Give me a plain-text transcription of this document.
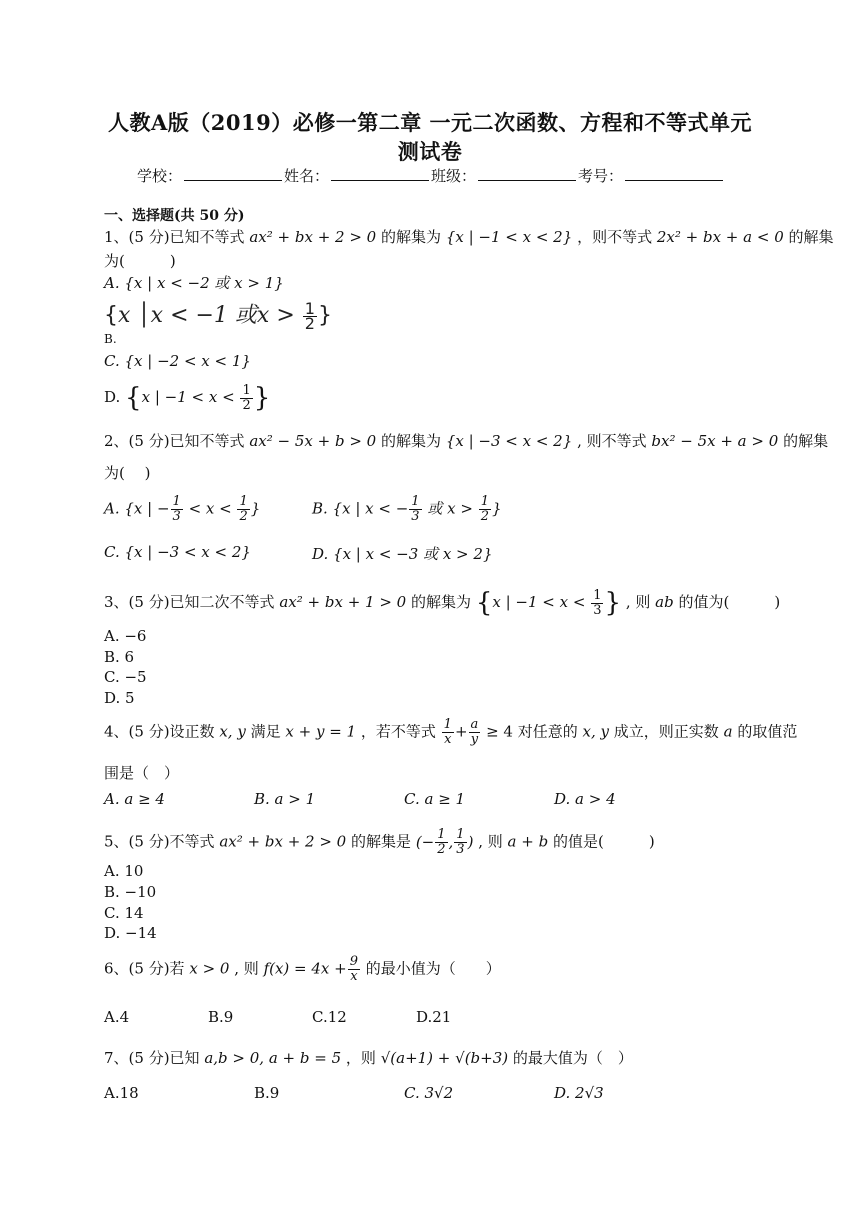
人教A版（2019）必修一第二章 一元二次函数、方程和不等式单元
测试卷
学校：	姓名：	班级：	考号：
一、选择题(共 50 分)
1、(5 分)已知不等式 ax² + bx + 2 > 0 的解集为 {x | −1 < x < 2} ，则不等式 2x² + bx + a < 0 的解集
为(　　　)
A. {x | x < −2 或 x > 1}
{x │x < −1 或$x > \frac{1}{2}$ }
B.
C. {x | −2 < x < 1}
D. {x | $-1 < x < \frac{1}{2}$ }
2、(5 分)已知不等式 ax² − 5x + b > 0 的解集为 {x | −3 < x < 2} , 则不等式 bx² − 5x + a > 0 的解集
为(　 )
A. {x | − $\frac{1}{3} < x < \frac{1}{2}$ }	B. {x | x < − $\frac{1}{3}$ 或 $x > \frac{1}{2}$ }
C. {x | −3 < x < 2}	D. {x | x < −3 或 x > 2}
3、(5 分)已知二次不等式 ax² + bx + 1 > 0 的解集为 {x | $-1 < x < \frac{1}{3}$ } , 则 ab 的值为(　　　)
A. −6
B. 6
C. −5
D. 5
4、(5 分)设正数 x, y 满足 x + y = 1 ，若不等式 $\frac{1}{x} + \frac{a}{y} \ge 4$ 对任意的 x, y 成立，则正实数 a 的取值范
围是（　）
A. a ≥ 4	B. a > 1	C. a ≥ 1	D. a > 4
5、(5 分)不等式 ax² + bx + 2 > 0 的解集是 (− $\frac{1}{2}$ , $\frac{1}{3}$ ) , 则 a + b 的值是(　　　)
A. 10
B. −10
C. 14
D. −14
6、(5 分)若 x > 0 , 则 $f(x) = 4x + \frac{9}{x}$ 的最小值为（　　）
A.4	B.9	C.12	D.21
7、(5 分)已知 a,b > 0, a + b = 5 ，则 √(a+1) + √(b+3) 的最大值为（　）
A.18	B.9	C. 3√2	D. 2√3
